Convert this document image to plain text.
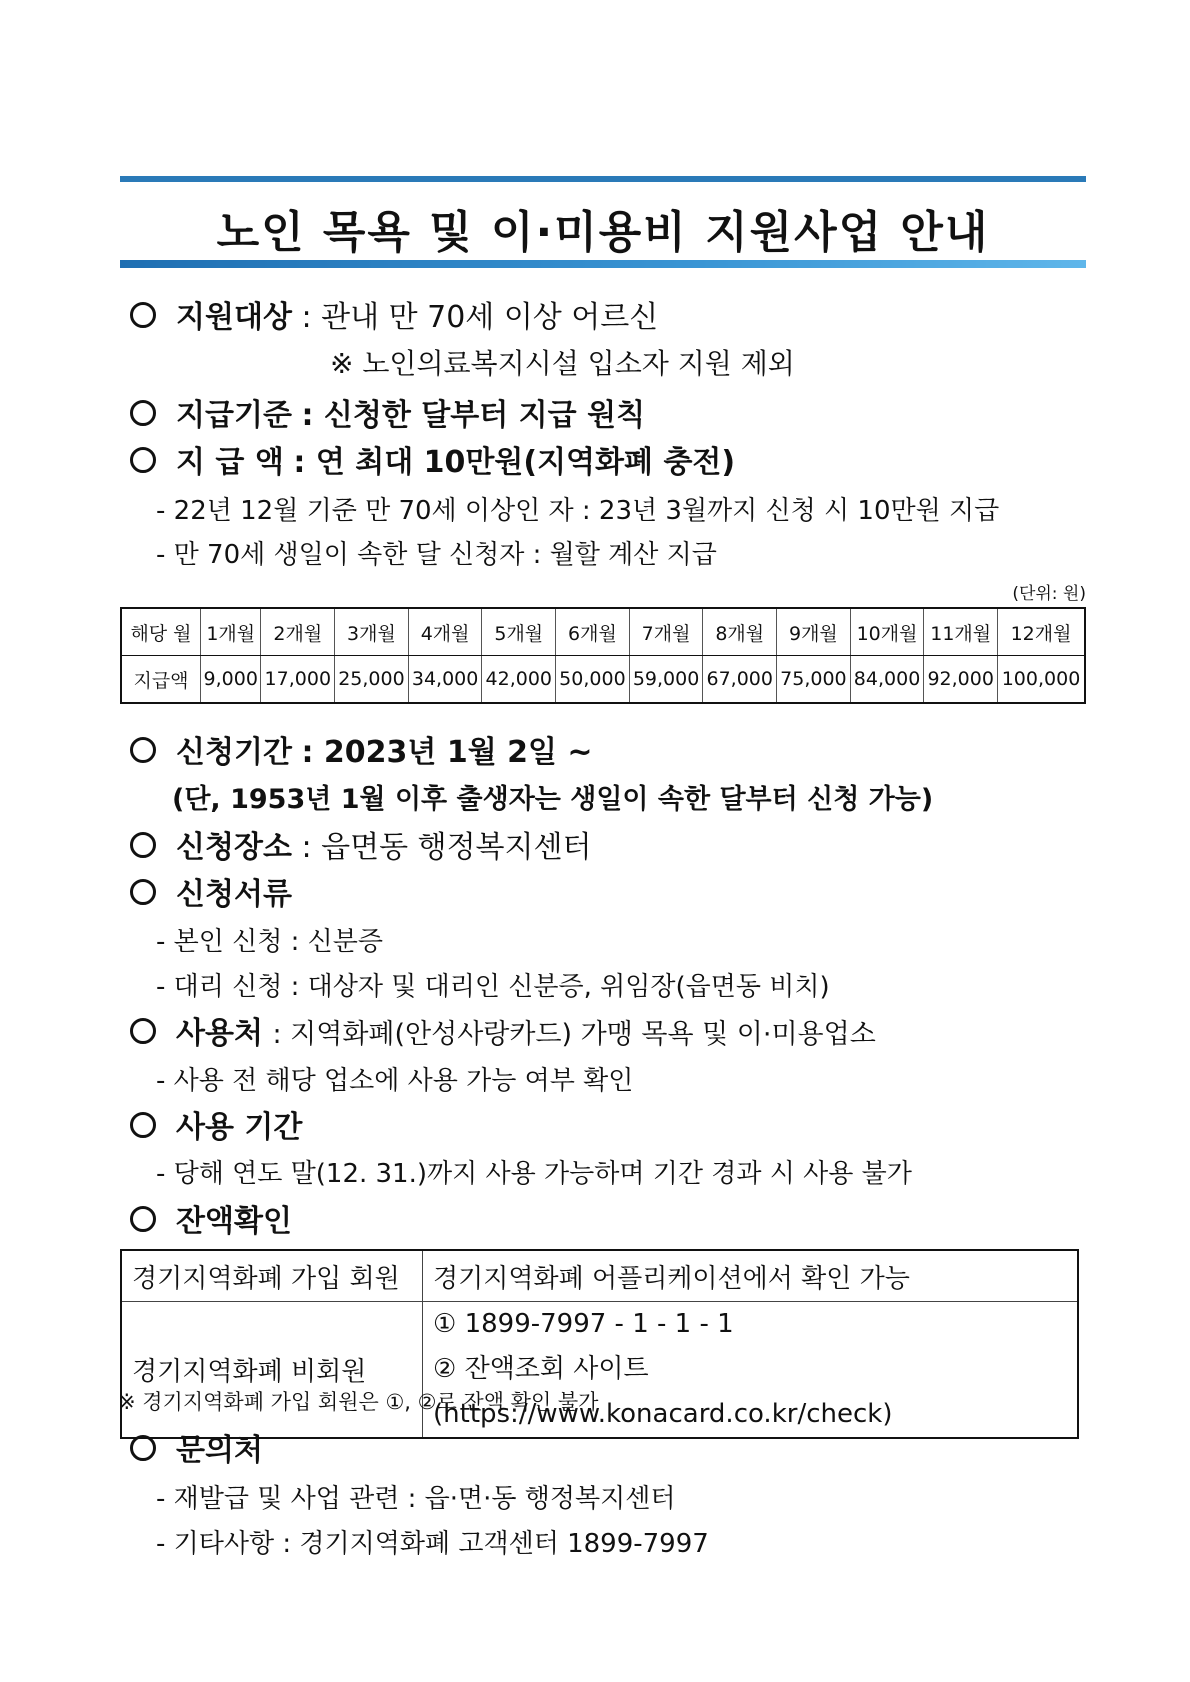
노인 목욕 및 이·미용비 지원사업 안내
지원대상 : 관내 만 70세 이상 어르신
※ 노인의료복지시설 입소자 지원 제외
지급기준 : 신청한 달부터 지급 원칙
지 급 액 : 연 최대 10만원(지역화폐 충전)
- 22년 12월 기준 만 70세 이상인 자 : 23년 3월까지 신청 시 10만원 지급
- 만 70세 생일이 속한 달 신청자 : 월할 계산 지급
(단위: 원)
해당 월	1개월	2개월	3개월	4개월	5개월	6개월	7개월	8개월	9개월	10개월	11개월	12개월
지급액	9,000	17,000	25,000	34,000	42,000	50,000	59,000	67,000	75,000	84,000	92,000	100,000
신청기간 : 2023년 1월 2일 ~
(단, 1953년 1월 이후 출생자는 생일이 속한 달부터 신청 가능)
신청장소 : 읍면동 행정복지센터
신청서류
- 본인 신청 : 신분증
- 대리 신청 : 대상자 및 대리인 신분증, 위임장(읍면동 비치)
사용처 : 지역화폐(안성사랑카드) 가맹 목욕 및 이·미용업소
- 사용 전 해당 업소에 사용 가능 여부 확인
사용 기간
- 당해 연도 말(12. 31.)까지 사용 가능하며 기간 경과 시 사용 불가
잔액확인
경기지역화폐 가입 회원	경기지역화폐 어플리케이션에서 확인 가능
경기지역화폐 비회원	① 1899-7997 - 1 - 1 - 1
② 잔액조회 사이트(https://www.konacard.co.kr/check)
※ 경기지역화폐 가입 회원은 ①, ②로 잔액 확인 불가
문의처
- 재발급 및 사업 관련 : 읍·면·동 행정복지센터
- 기타사항 : 경기지역화폐 고객센터 1899-7997
